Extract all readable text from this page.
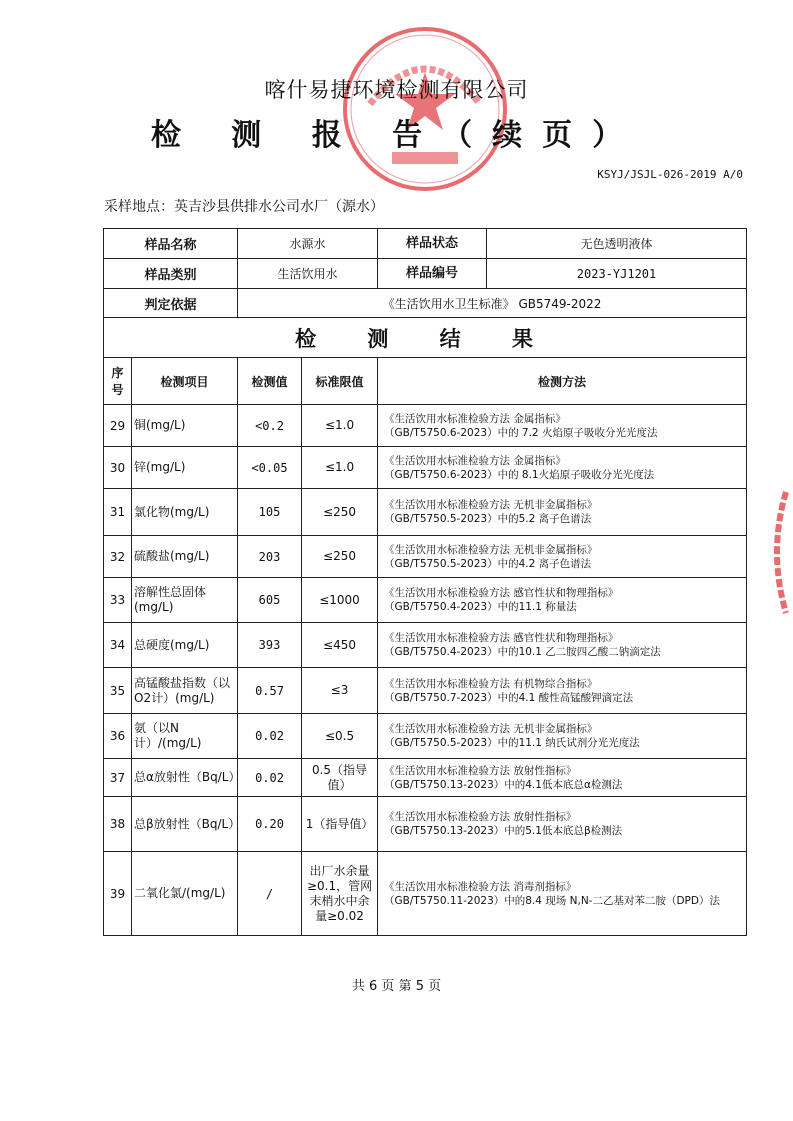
喀什易捷环境检测有限公司
检 测 报 告（续页）
KSYJ/JSJL-026-2019 A/0
采样地点：英吉沙县供排水公司水厂（源水）
样品名称		水源水		样品状态 无色透明液体

样品类别		生活饮用水		样品编号 2023-YJ1201

判定依据		《生活饮用水卫生标准》 GB5749-2022		
检 测 结 果				
序号	检测项目	检测值	标准限值	检测方法
29	铜(mg/L)	<0.2	≤1.0	《生活饮用水标准检验方法 金属指标》
（GB/T5750.6-2023）中的 7.2 火焰原子吸收分光光度法

30	锌(mg/L)	<0.05	≤1.0	《生活饮用水标准检验方法 金属指标》
（GB/T5750.6-2023）中的 8.1火焰原子吸收分光光度法

31	氯化物(mg/L)	105	≤250	《生活饮用水标准检验方法 无机非金属指标》
（GB/T5750.5-2023）中的5.2 离子色谱法

32	硫酸盐(mg/L)	203	≤250	《生活饮用水标准检验方法 无机非金属指标》
（GB/T5750.5-2023）中的4.2 离子色谱法

33	溶解性总固体(mg/L)	605	≤1000	《生活饮用水标准检验方法 感官性状和物理指标》
（GB/T5750.4-2023）中的11.1 称量法

34	总硬度(mg/L)	393	≤450	《生活饮用水标准检验方法 感官性状和物理指标》
（GB/T5750.4-2023）中的10.1 乙二胺四乙酸二钠滴定法

35	高锰酸盐指数（以O2计）(mg/L)	0.57	≤3	《生活饮用水标准检验方法 有机物综合指标》
（GB/T5750.7-2023）中的4.1 酸性高锰酸钾滴定法

36	氨（以N计）/(mg/L)	0.02	≤0.5	《生活饮用水标准检验方法 无机非金属指标》
（GB/T5750.5-2023）中的11.1 纳氏试剂分光光度法

37	总α放射性（Bq/L）	0.02	0.5（指导值）	《生活饮用水标准检验方法 放射性指标》
（GB/T5750.13-2023）中的4.1低本底总α检测法

38	总β放射性（Bq/L）	0.20	1（指导值）	《生活饮用水标准检验方法 放射性指标》
（GB/T5750.13-2023）中的5.1低本底总β检测法

39	二氧化氯/(mg/L)	/	出厂水余量≥0.1，管网末梢水中余量≥0.02	《生活饮用水标准检验方法 消毒剂指标》
（GB/T5750.11-2023）中的8.4 现场 N,N-二乙基对苯二胺（DPD）法
共 6 页 第 5 页
